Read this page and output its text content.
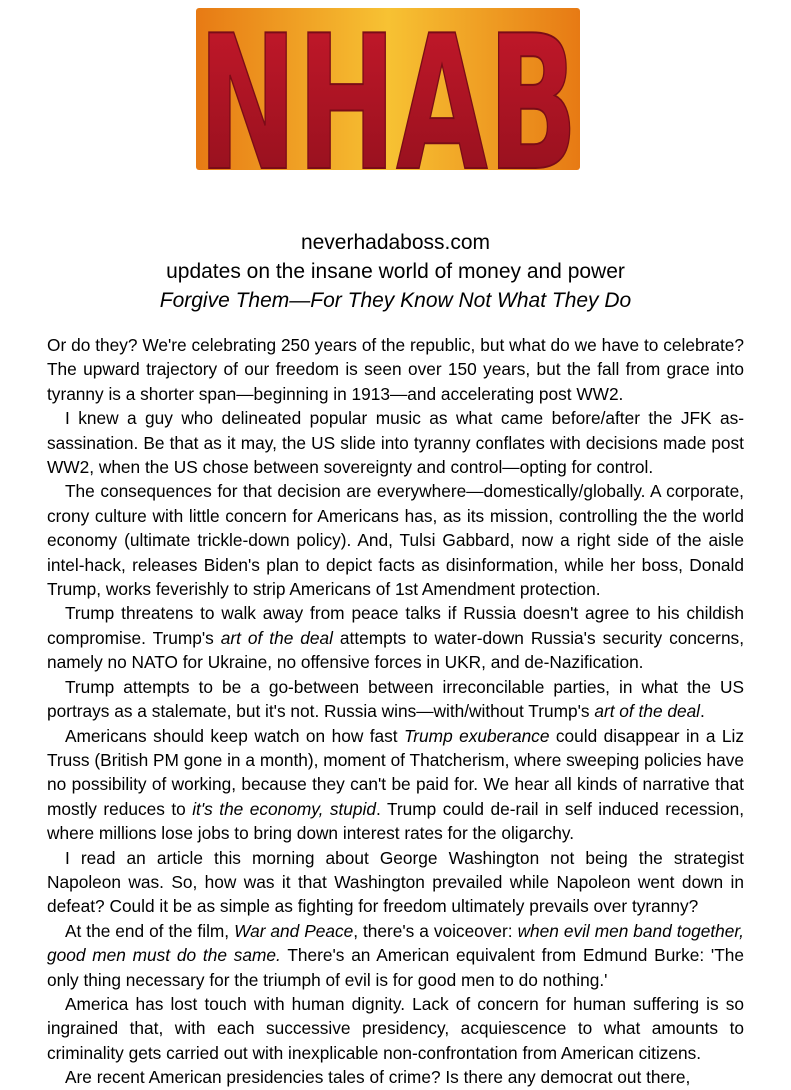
NHAB
neverhadaboss.com
updates on the insane world of money and power
Forgive Them—For They Know Not What They Do

Or do they? We're celebrating 250 years of the republic, but what do we have to celebrate? The upward trajectory of our freedom is seen over 150 years, but the fall from grace into tyranny is a shorter span—beginning in 1913—and accelerating post WW2.

I knew a guy who delineated popular music as what came before/after the JFK assassination. Be that as it may, the US slide into tyranny conflates with decisions made post WW2, when the US chose between sovereignty and control—opting for control.

The consequences for that decision are everywhere—domestically/globally. A corporate, crony culture with little concern for Americans has, as its mission, controlling the the world economy (ultimate trickle-down policy). And, Tulsi Gabbard, now a right side of the aisle intel-hack, releases Biden's plan to depict facts as disinformation, while her boss, Donald Trump, works feverishly to strip Americans of 1st Amendment protection.

Trump threatens to walk away from peace talks if Russia doesn't agree to his childish compromise. Trump's art of the deal attempts to water-down Russia's security concerns, namely no NATO for Ukraine, no offensive forces in UKR, and de-Nazification.

Trump attempts to be a go-between between irreconcilable parties, in what the US portrays as a stalemate, but it's not. Russia wins—with/without Trump's art of the deal.

Americans should keep watch on how fast Trump exuberance could disappear in a Liz Truss (British PM gone in a month), moment of Thatcherism, where sweeping policies have no possibility of working, because they can't be paid for. We hear all kinds of narrative that mostly reduces to it's the economy, stupid. Trump could de-rail in self induced recession, where millions lose jobs to bring down interest rates for the oligarchy.

I read an article this morning about George Washington not being the strategist Napoleon was. So, how was it that Washington prevailed while Napoleon went down in defeat? Could it be as simple as fighting for freedom ultimately prevails over tyranny?

At the end of the film, War and Peace, there's a voiceover: when evil men band together, good men must do the same. There's an American equivalent from Edmund Burke: 'The only thing necessary for the triumph of evil is for good men to do nothing.'

America has lost touch with human dignity. Lack of concern for human suffering is so ingrained that, with each successive presidency, acquiescence to what amounts to criminality gets carried out with inexplicable non-confrontation from American citizens.

Are recent American presidencies tales of crime? Is there any democrat out there,
